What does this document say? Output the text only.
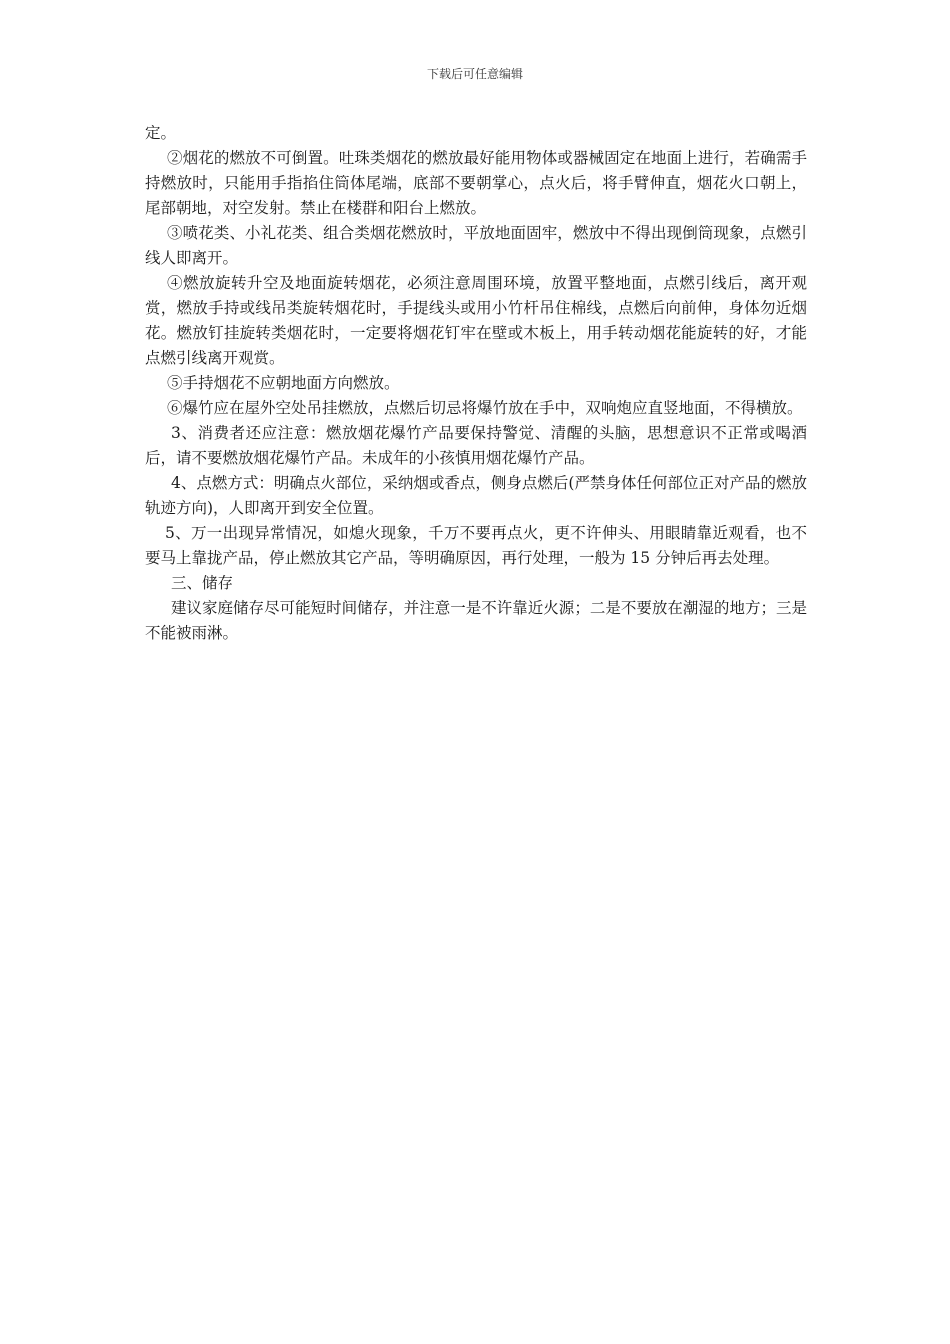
下载后可任意编辑

定。

②烟花的燃放不可倒置。吐珠类烟花的燃放最好能用物体或器械固定在地面上进行，若确需手持燃放时，只能用手指掐住筒体尾端，底部不要朝掌心，点火后，将手臂伸直，烟花火口朝上，尾部朝地，对空发射。禁止在楼群和阳台上燃放。

③喷花类、小礼花类、组合类烟花燃放时，平放地面固牢，燃放中不得出现倒筒现象，点燃引线人即离开。

④燃放旋转升空及地面旋转烟花，必须注意周围环境，放置平整地面，点燃引线后，离开观赏，燃放手持或线吊类旋转烟花时，手提线头或用小竹杆吊住棉线，点燃后向前伸，身体勿近烟花。燃放钉挂旋转类烟花时，一定要将烟花钉牢在壁或木板上，用手转动烟花能旋转的好，才能点燃引线离开观赏。

⑤手持烟花不应朝地面方向燃放。

⑥爆竹应在屋外空处吊挂燃放，点燃后切忌将爆竹放在手中，双响炮应直竖地面，不得横放。

3、消费者还应注意：燃放烟花爆竹产品要保持警觉、清醒的头脑，思想意识不正常或喝酒后，请不要燃放烟花爆竹产品。未成年的小孩慎用烟花爆竹产品。

4、点燃方式：明确点火部位，采纳烟或香点，侧身点燃后(严禁身体任何部位正对产品的燃放轨迹方向)，人即离开到安全位置。

5、万一出现异常情况，如熄火现象，千万不要再点火，更不许伸头、用眼睛靠近观看，也不要马上靠拢产品，停止燃放其它产品，等明确原因，再行处理，一般为 15 分钟后再去处理。

三、储存

建议家庭储存尽可能短时间储存，并注意一是不许靠近火源；二是不要放在潮湿的地方；三是不能被雨淋。
